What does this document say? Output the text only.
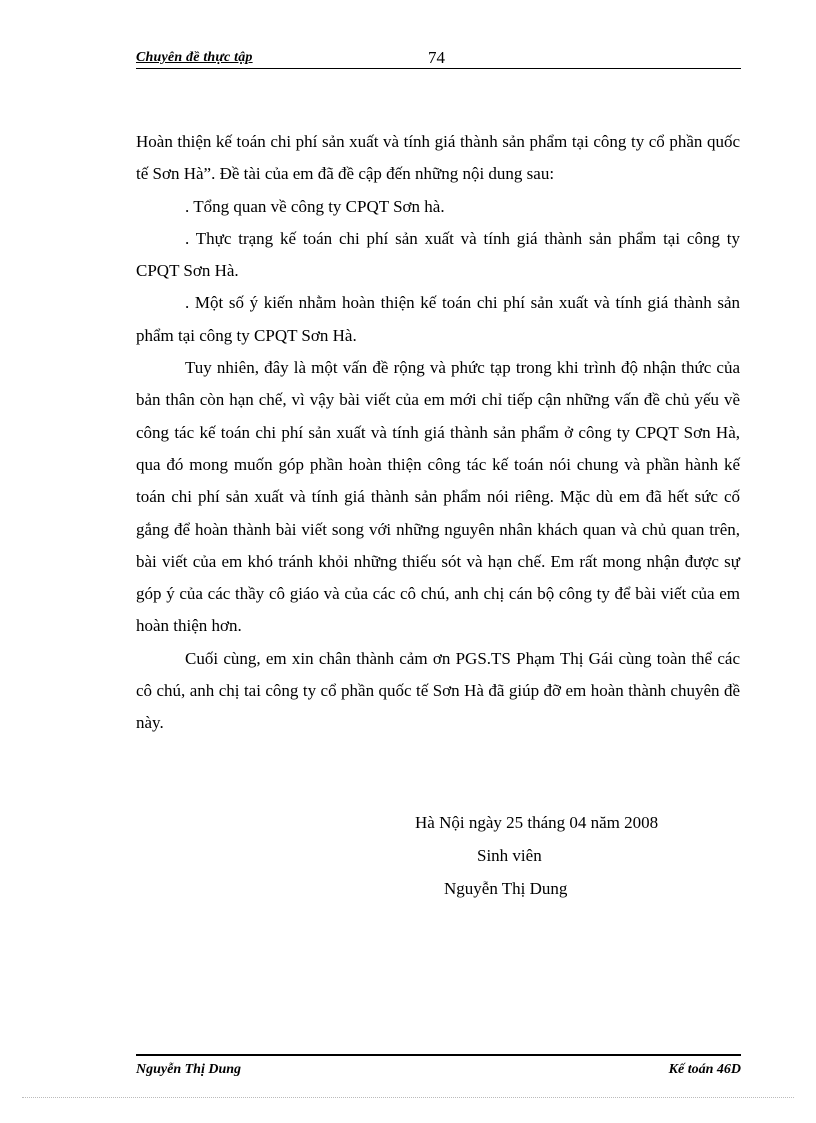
Chuyên đề thực tập	74

Hoàn thiện kế toán chi phí sản xuất và tính giá thành sản phẩm tại công ty cổ phần quốc tế Sơn Hà”. Đề tài của em đã đề cập đến những nội dung sau:

. Tổng quan về công ty CPQT Sơn hà.

. Thực trạng kế toán chi phí sản xuất và tính giá thành sản phẩm tại công ty CPQT Sơn Hà.

. Một số ý kiến nhằm hoàn thiện kế toán chi phí sản xuất và tính giá thành sản phẩm tại công ty CPQT Sơn Hà.

Tuy nhiên, đây là một vấn đề rộng và phức tạp trong khi trình độ nhận thức của bản thân còn hạn chế, vì vậy bài viết của em mới chỉ tiếp cận những vấn đề chủ yếu về công tác kế toán chi phí sản xuất và tính giá thành sản phẩm ở công ty CPQT Sơn Hà, qua đó mong muốn góp phần hoàn thiện công tác kế toán nói chung và phần hành kế toán chi phí sản xuất và tính giá thành sản phẩm nói riêng. Mặc dù em đã hết sức cố gắng để hoàn thành bài viết song với những nguyên nhân khách quan và chủ quan trên, bài viết của em khó tránh khỏi những thiếu sót và hạn chế. Em rất mong nhận được sự góp ý của các thầy cô giáo và của các cô chú, anh chị cán bộ công ty để bài viết của em hoàn thiện hơn.

Cuối cùng, em xin chân thành cảm ơn PGS.TS Phạm Thị Gái cùng toàn thể các cô chú, anh chị tai công ty cổ phần quốc tế Sơn Hà đã giúp đỡ em hoàn thành chuyên đề này.

Hà Nội ngày 25 tháng 04 năm 2008
Sinh viên
Nguyễn Thị Dung
Nguyễn Thị Dung	Kế toán 46D
